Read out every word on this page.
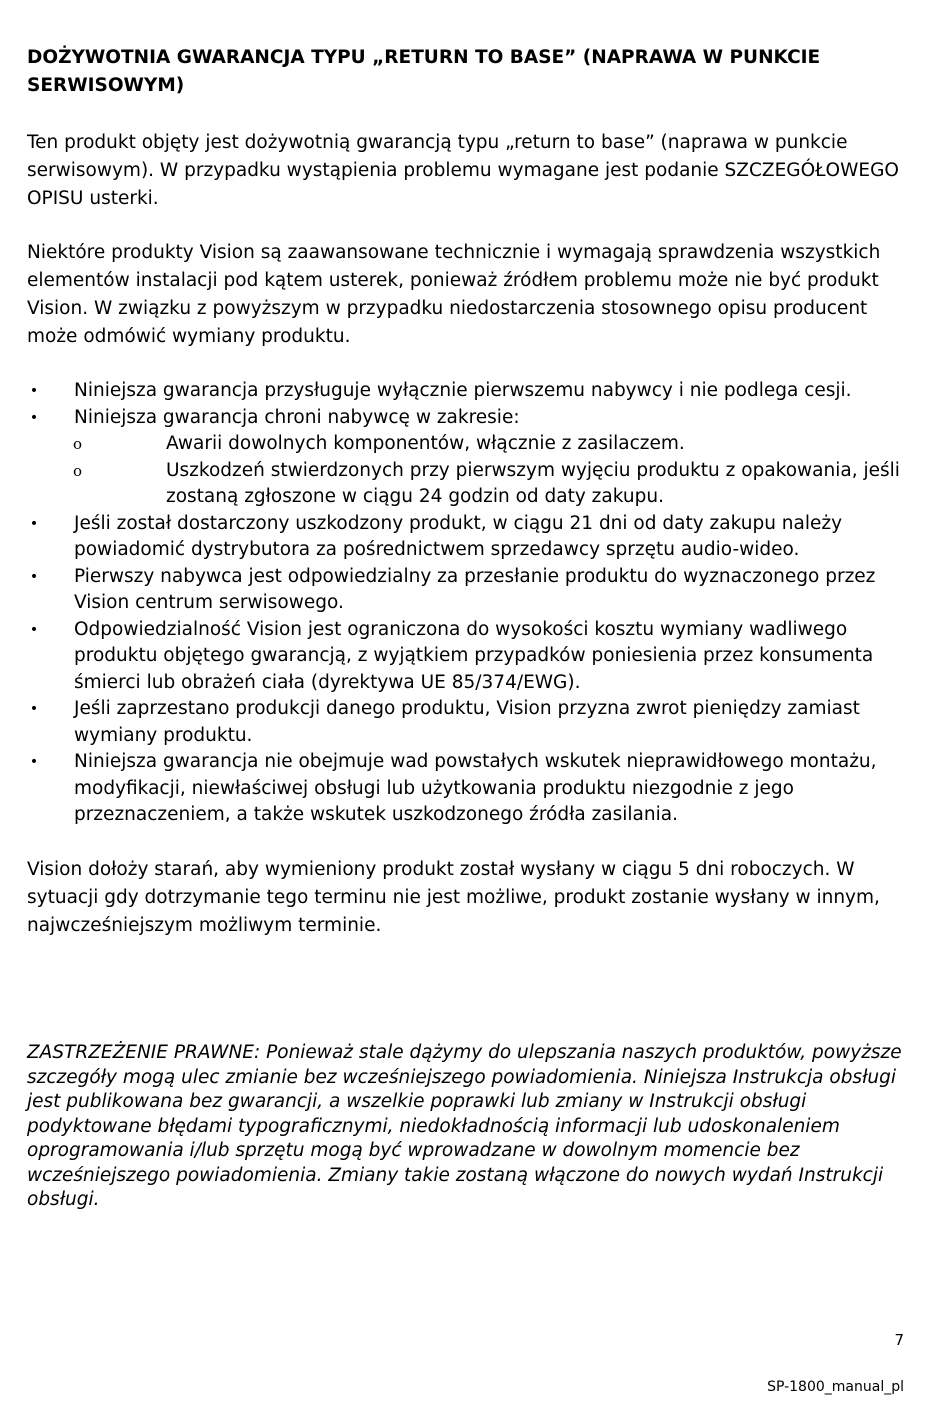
DOŻYWOTNIA GWARANCJA TYPU „RETURN TO BASE” (NAPRAWA W PUNKCIE SERWISOWYM)

Ten produkt objęty jest dożywotnią gwarancją typu „return to base” (naprawa w punkcie serwisowym). W przypadku wystąpienia problemu wymagane jest podanie SZCZEGÓŁOWEGO OPISU usterki.

Niektóre produkty Vision są zaawansowane technicznie i wymagają sprawdzenia wszystkich elementów instalacji pod kątem usterek, ponieważ źródłem problemu może nie być produkt Vision. W związku z powyższym w przypadku niedostarczenia stosownego opisu producent może odmówić wymiany produktu.

• Niniejsza gwarancja przysługuje wyłącznie pierwszemu nabywcy i nie podlega cesji.
• Niniejsza gwarancja chroni nabywcę w zakresie:
o	Awarii dowolnych komponentów, włącznie z zasilaczem.
o	Uszkodzeń stwierdzonych przy pierwszym wyjęciu produktu z opakowania, jeśli zostaną zgłoszone w ciągu 24 godzin od daty zakupu.
• Jeśli został dostarczony uszkodzony produkt, w ciągu 21 dni od daty zakupu należy powiadomić dystrybutora za pośrednictwem sprzedawcy sprzętu audio-wideo.
• Pierwszy nabywca jest odpowiedzialny za przesłanie produktu do wyznaczonego przez Vision centrum serwisowego.
• Odpowiedzialność Vision jest ograniczona do wysokości kosztu wymiany wadliwego produktu objętego gwarancją, z wyjątkiem przypadków poniesienia przez konsumenta śmierci lub obrażeń ciała (dyrektywa UE 85/374/EWG).
• Jeśli zaprzestano produkcji danego produktu, Vision przyzna zwrot pieniędzy zamiast wymiany produktu.
• Niniejsza gwarancja nie obejmuje wad powstałych wskutek nieprawidłowego montażu, modyfikacji, niewłaściwej obsługi lub użytkowania produktu niezgodnie z jego przeznaczeniem, a także wskutek uszkodzonego źródła zasilania.

Vision dołoży starań, aby wymieniony produkt został wysłany w ciągu 5 dni roboczych. W sytuacji gdy dotrzymanie tego terminu nie jest możliwe, produkt zostanie wysłany w innym, najwcześniejszym możliwym terminie.

ZASTRZEŻENIE PRAWNE: Ponieważ stale dążymy do ulepszania naszych produktów, powyższe szczegóły mogą ulec zmianie bez wcześniejszego powiadomienia. Niniejsza Instrukcja obsługi jest publikowana bez gwarancji, a wszelkie poprawki lub zmiany w Instrukcji obsługi podyktowane błędami typograficznymi, niedokładnością informacji lub udoskonaleniem oprogramowania i/lub sprzętu mogą być wprowadzane w dowolnym momencie bez wcześniejszego powiadomienia. Zmiany takie zostaną włączone do nowych wydań Instrukcji obsługi.

7
SP-1800_manual_pl
